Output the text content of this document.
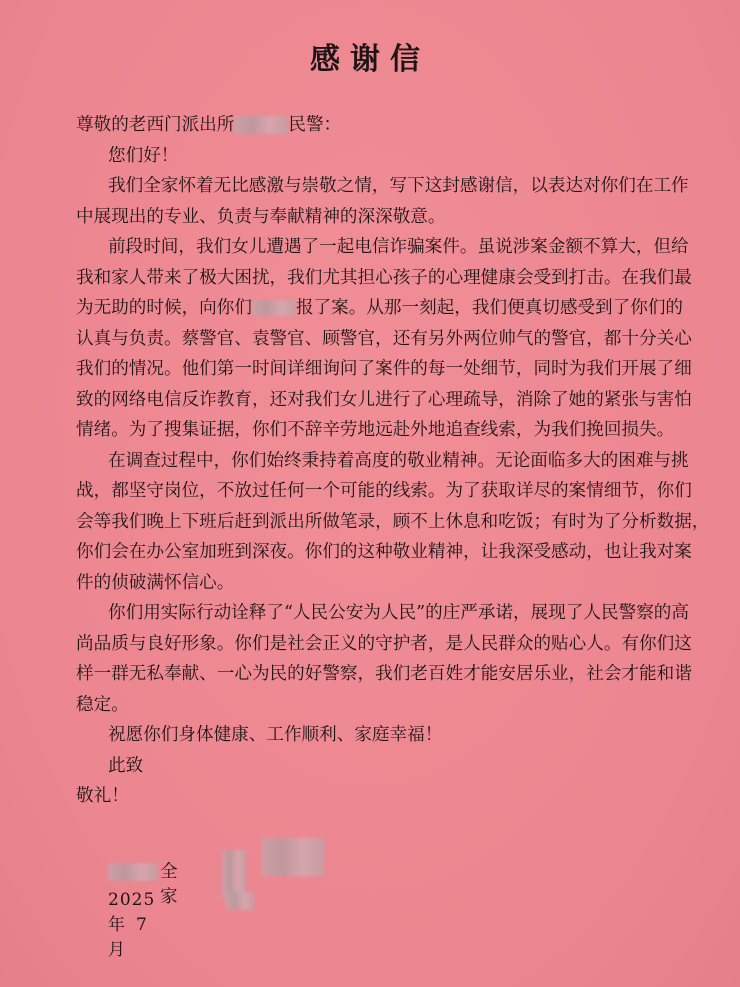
感谢信
尊敬的老西门派出所	民警：
您们好！
我们全家怀着无比感激与崇敬之情，写下这封感谢信，以表达对你们在工作
中展现出的专业、负责与奉献精神的深深敬意。
前段时间，我们女儿遭遇了一起电信诈骗案件。虽说涉案金额不算大，但给
我和家人带来了极大困扰，我们尤其担心孩子的心理健康会受到打击。在我们最
为无助的时候，向你们	报了案。从那一刻起，我们便真切感受到了你们的
认真与负责。蔡警官、袁警官、顾警官，还有另外两位帅气的警官，都十分关心
我们的情况。他们第一时间详细询问了案件的每一处细节，同时为我们开展了细
致的网络电信反诈教育，还对我们女儿进行了心理疏导，消除了她的紧张与害怕
情绪。为了搜集证据，你们不辞辛劳地远赴外地追查线索，为我们挽回损失。
在调查过程中，你们始终秉持着高度的敬业精神。无论面临多大的困难与挑
战，都坚守岗位，不放过任何一个可能的线索。为了获取详尽的案情细节，你们
会等我们晚上下班后赶到派出所做笔录，顾不上休息和吃饭；有时为了分析数据，
你们会在办公室加班到深夜。你们的这种敬业精神，让我深受感动，也让我对案
件的侦破满怀信心。
你们用实际行动诠释了“人民公安为人民”的庄严承诺，展现了人民警察的高
尚品质与良好形象。你们是社会正义的守护者，是人民群众的贴心人。有你们这
样一群无私奉献、一心为民的好警察，我们老百姓才能安居乐业，社会才能和谐
稳定。
祝愿你们身体健康、工作顺利、家庭幸福！
此致
敬礼！
全家
2025年 7月
